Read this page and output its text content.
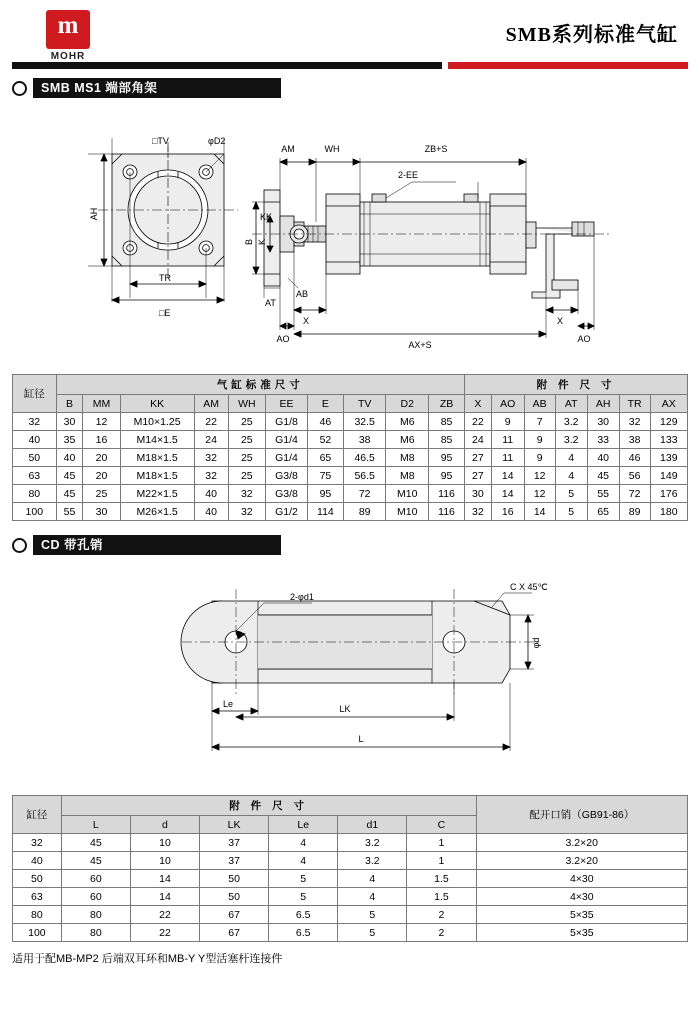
m
MOHR
SMB系列标准气缸
SMB MS1 端部角架
□TV	φD2
AH
TR
□E
AM	WH	ZB+S
2-EE
K
B
AT
AB
KK
X
AO
AX+S
X
AO
缸径	气缸标准尺寸										附 件 尺 寸						
	B	MM	KK	AM	WH	EE	E	TV	D2	ZB	X	AO	AB	AT	AH	TR	AX
32	30	12	M10×1.25	22	25	G1/8	46	32.5	M6	85	22	9	7	3.2	30	32	129
40	35	16	M14×1.5	24	25	G1/4	52	38	M6	85	24	11	9	3.2	33	38	133
50	40	20	M18×1.5	32	25	G1/4	65	46.5	M8	95	27	11	9	4	40	46	139
63	45	20	M18×1.5	32	25	G3/8	75	56.5	M8	95	27	14	12	4	45	56	149
80	45	25	M22×1.5	40	32	G3/8	95	72	M10	116	30	14	12	5	55	72	176
100	55	30	M26×1.5	40	32	G1/2	114	89	M10	116	32	16	14	5	65	89	180
CD 带孔销
2-φd1
C X 45℃
φd
Le	LK
L
缸径	附 件 尺 寸						配开口销（GB91-86）
	L	d	LK	Le	d1	C	
32	45	10	37	4	3.2	1	3.2×20
40	45	10	37	4	3.2	1	3.2×20
50	60	14	50	5	4	1.5	4×30
63	60	14	50	5	4	1.5	4×30
80	80	22	67	6.5	5	2	5×35
100	80	22	67	6.5	5	2	5×35
适用于配MB-MP2 后端双耳环和MB-Y Y型活塞杆连接件
